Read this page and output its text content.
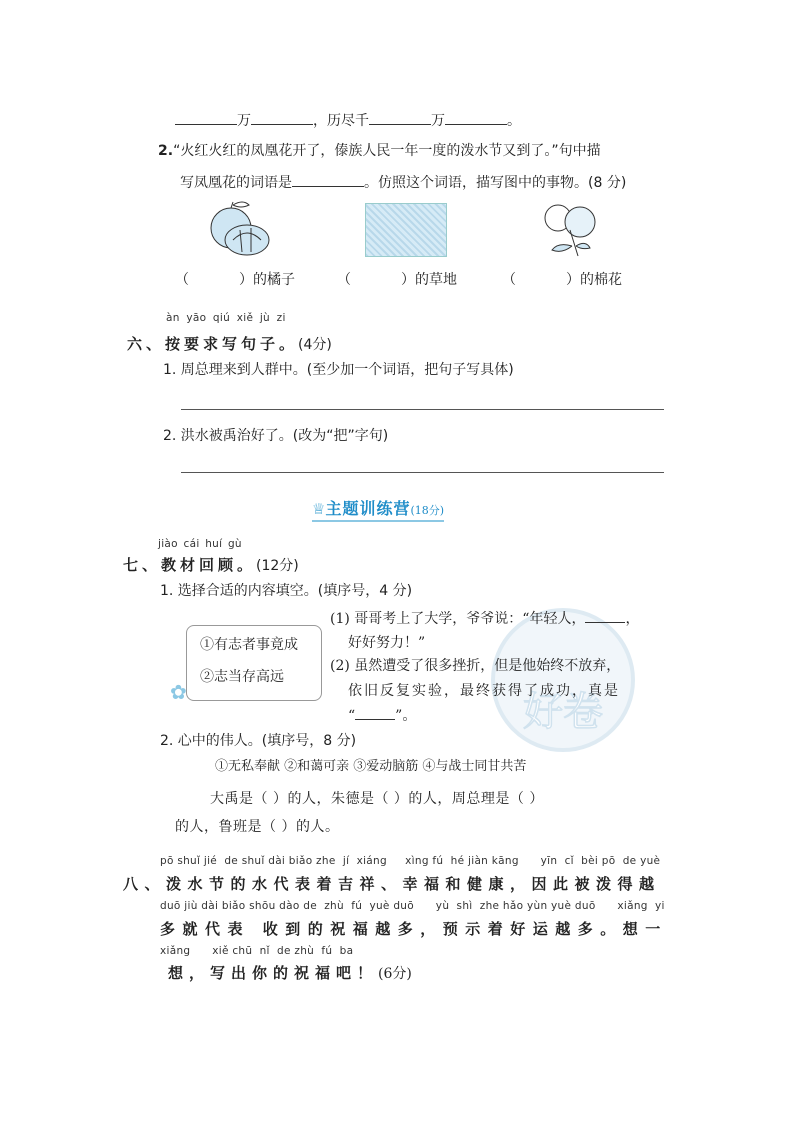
万	，历尽千	万	。
2.“火红火红的凤凰花开了，傣族人民一年一度的泼水节又到了。”句中描
写凤凰花的词语是	。仿照这个词语，描写图中的事物。(8 分)
（	）的橘子	（	）的草地	（	）的棉花
àn yāo qiú xiě jù zi
六、按要求写句子。(4分)
1. 周总理来到人群中。(至少加一个词语，把句子写具体)
2. 洪水被禹治好了。(改为“把”字句)
♕主题训练营(18分)
好卷
jiào cái huí gù
七、教材回顾。(12分)
1. 选择合适的内容填空。(填序号，4 分)
✿
①有志者事竟成
②志当存高远
(1) 哥哥考上了大学，爷爷说：“年轻人，	，
好好努力！”
(2) 虽然遭受了很多挫折，但是他始终不放弃，
依旧反复实验，最终获得了成功，真是
“	”。
2. 心中的伟人。(填序号，8 分)
①无私奉献 ②和蔼可亲 ③爱动脑筋 ④与战士同甘共苦
大禹是（ ）的人，朱德是（ ）的人，周总理是（ ）
的人，鲁班是（ ）的人。
pō shuǐ jié  de shuǐ dài biǎo zhe  jí  xiáng     xìng fú  hé jiàn kāng      yīn  cǐ  bèi pō  de yuè
八、泼水节的水代表着吉祥、幸福和健康，因此被泼得越
duō jiù dài biǎo shōu dào de  zhù  fú  yuè duō      yù  shì  zhe hǎo yùn yuè duō      xiǎng  yi
多就代表 收到的祝福越多，预示着好运越多。想一
xiǎng      xiě chū  nǐ  de zhù  fú  ba
想，写出你的祝福吧！(6分)
